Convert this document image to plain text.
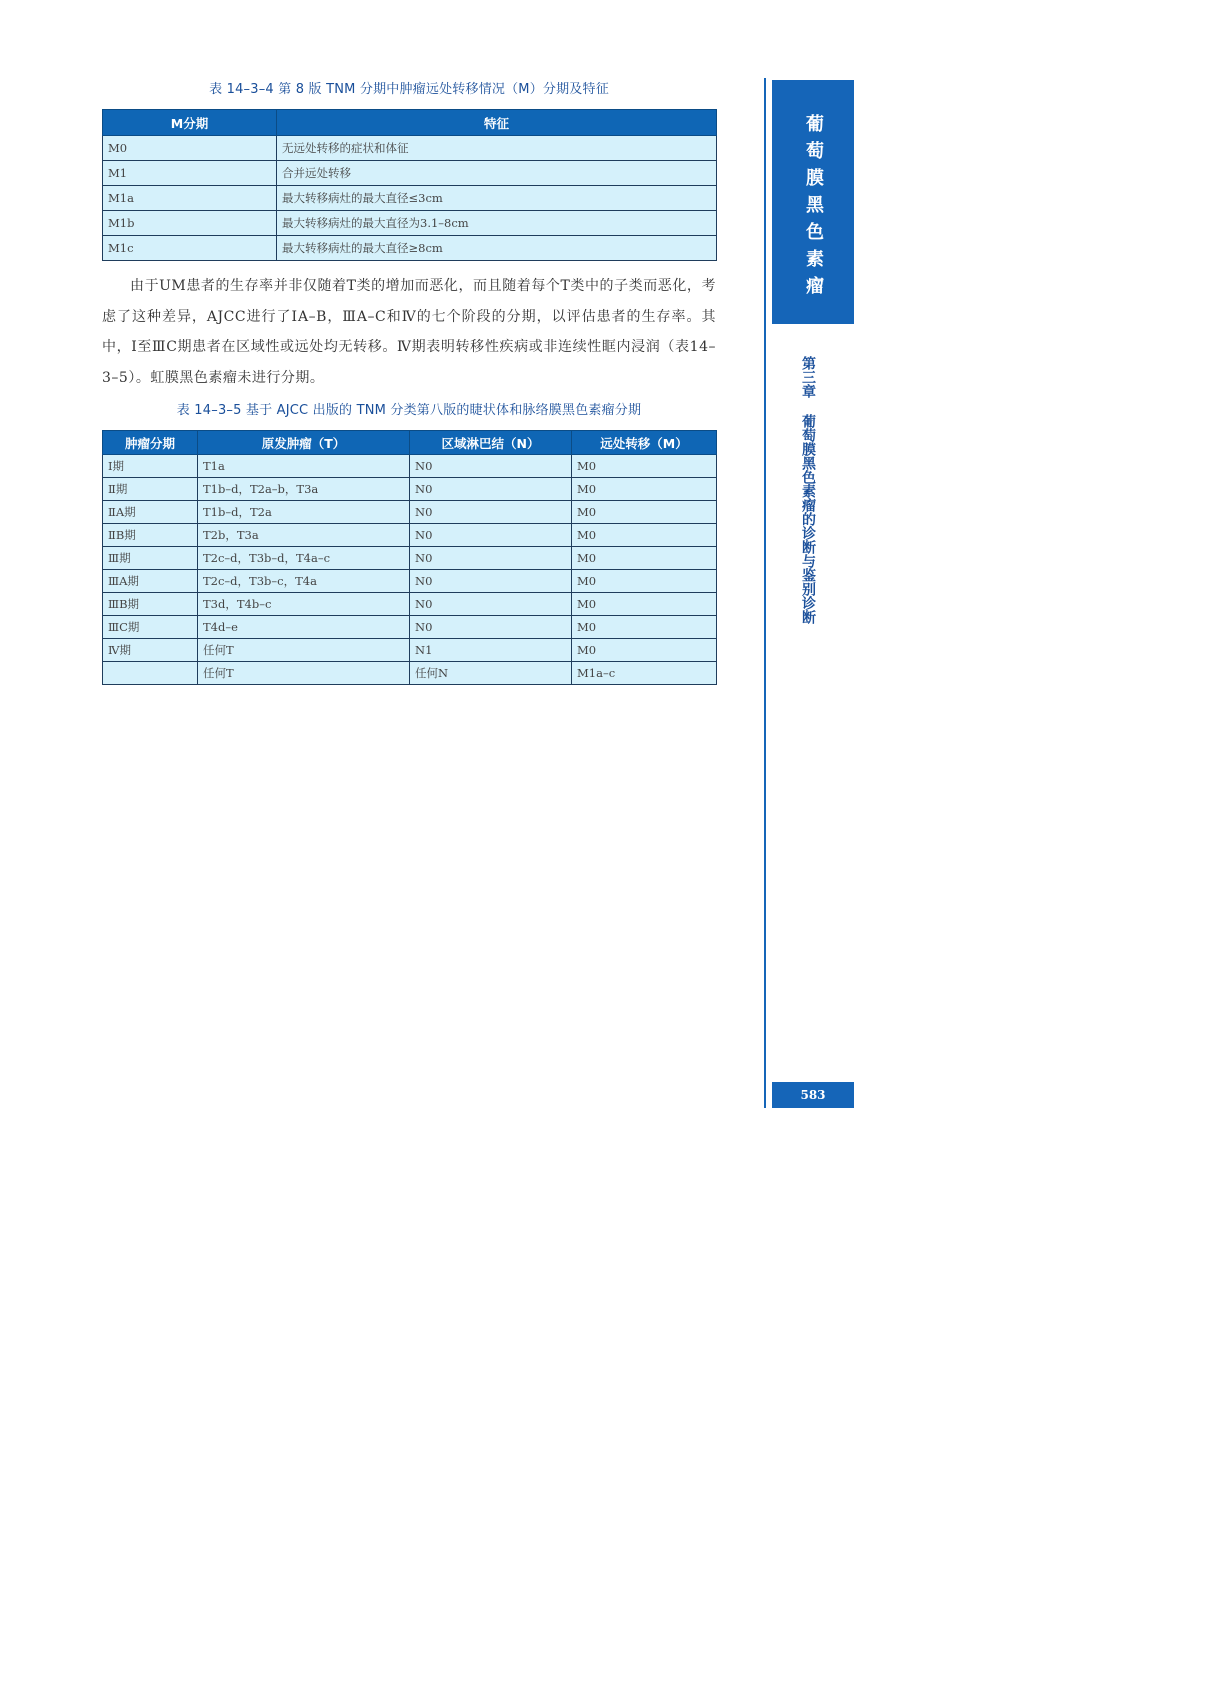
表 14–3–4 第 8 版 TNM 分期中肿瘤远处转移情况（M）分期及特征
M分期	特征
M0	无远处转移的症状和体征
M1	合并远处转移
M1a	最大转移病灶的最大直径≤3cm
M1b	最大转移病灶的最大直径为3.1–8cm
M1c	最大转移病灶的最大直径≥8cm
由于UM患者的生存率并非仅随着T类的增加而恶化，而且随着每个T类中的子类而恶化，考虑了这种差异，AJCC进行了ⅠA–B，ⅢA–C和Ⅳ的七个阶段的分期，以评估患者的生存率。其中，Ⅰ至ⅢC期患者在区域性或远处均无转移。Ⅳ期表明转移性疾病或非连续性眶内浸润（表14–3–5）。虹膜黑色素瘤未进行分期。
表 14–3–5 基于 AJCC 出版的 TNM 分类第八版的睫状体和脉络膜黑色素瘤分期
肿瘤分期	原发肿瘤（T）	区域淋巴结（N）	远处转移（M）
Ⅰ期	T1a	N0	M0
Ⅱ期	T1b–d，T2a–b，T3a	N0	M0
ⅡA期	T1b–d，T2a	N0	M0
ⅡB期	T2b，T3a	N0	M0
Ⅲ期	T2c–d，T3b–d，T4a–c	N0	M0
ⅢA期	T2c–d，T3b–c，T4a	N0	M0
ⅢB期	T3d，T4b–c	N0	M0
ⅢC期	T4d–e	N0	M0
Ⅳ期	任何T	N1	M0
	任何T	任何N	M1a–c
葡萄膜黑色素瘤
第三章葡萄膜黑色素瘤的诊断与鉴别诊断
583
